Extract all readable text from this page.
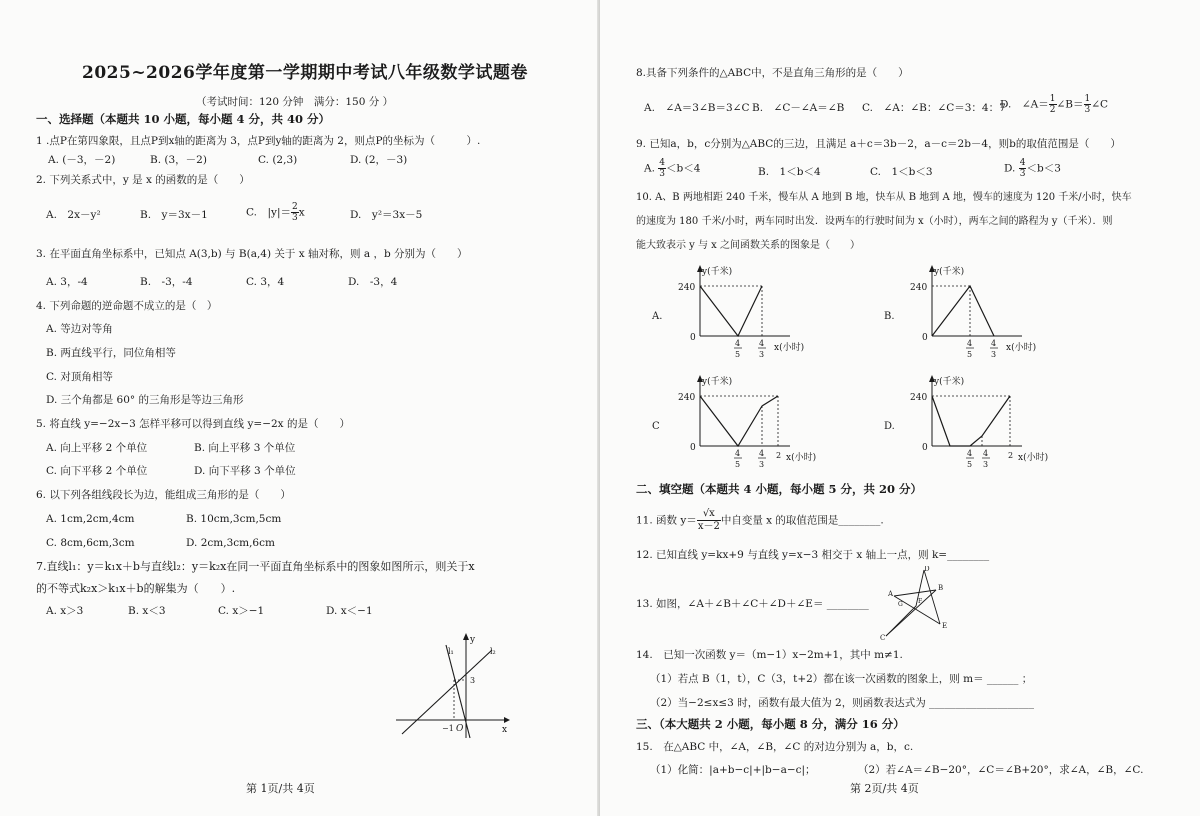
2025~2026学年度第一学期期中考试八年级数学试题卷
（考试时间：120 分钟　满分：150 分 ）
一、选择题（本题共 10 小题，每小题 4 分，共 40 分）
1 .点P在第四象限，且点P到x轴的距离为 3，点P到y轴的距离为 2，则点P的坐标为（　　　）.
A. (－3，－2)	B. (3，－2)	C. (2,3)	D. (2，－3)
2. 下列关系式中，y 是 x 的函数的是（　　）
A.　2x－y²	B.　y＝3x－1	C.　$|y|= \frac{2}{3}$ x	D.　y²＝3x－5
3. 在平面直角坐标系中，已知点 A(3,b) 与 B(a,4) 关于 x 轴对称，则 a ，b 分别为（　　）
A. 3，-4	B.　-3，-4	C. 3，4	D.　-3，4
4. 下列命题的逆命题不成立的是（　）
A. 等边对等角
B. 两直线平行，同位角相等
C. 对顶角相等
D. 三个角都是 60° 的三角形是等边三角形
5. 将直线 y=−2x−3 怎样平移可以得到直线 y=−2x 的是（　　）
A. 向上平移 2 个单位	B. 向上平移 3 个单位
C. 向下平移 2 个单位	D. 向下平移 3 个单位
6. 以下列各组线段长为边，能组成三角形的是（　　）
A. 1cm,2cm,4cm	B. 10cm,3cm,5cm
C. 8cm,6cm,3cm	D. 2cm,3cm,6cm
7.直线l₁：y＝k₁x＋b与直线l₂：y＝k₂x在同一平面直角坐标系中的图象如图所示，则关于x
的不等式k₂x＞k₁x＋b的解集为（　　）.
A. x＞3	B. x＜3	C. x＞−1	D. x＜−1
l₁	l₂
y
x
3
−1 O
第 1页/共 4页
8.具备下列条件的△ABC中，不是直角三角形的是（　　）
A.　∠A＝3∠B＝3∠C B.　∠C－∠A＝∠B C.　∠A：∠B：∠C＝3：4：7
D.　∠A＝ $\frac{1}{2}$ ∠B＝ $\frac{1}{3}$ ∠C
9. 已知a，b，c分别为△ABC的三边，且满足 a＋c＝3b－2，a－c＝2b－4，则b的取值范围是（　　）
A. $\frac{4}{3} <b<4$	B.　1＜b＜4	C.　1＜b＜3	D. $\frac{4}{3} <b<3$
10. A、B 两地相距 240 千米，慢车从 A 地到 B 地，快车从 B 地到 A 地，慢车的速度为 120 千米/小时，快车
的速度为 180 千米/小时，两车同时出发．设两车的行驶时间为 x（小时），两车之间的路程为 y（千米）．则
能大致表示 y 与 x 之间函数关系的图象是（　　）
A.
y(千米)
240
0
4
5
4
3
x(小时)
B.
y(千米)
240
0
4
5
4
3
x(小时)
C
y(千米)
240
0
4
5
4
3
2 x(小时)
D.
y(千米)
240
0
4
5
4
3
2 x(小时)
二、填空题（本题共 4 小题，每小题 5 分，共 20 分）
11. 函数 $y= \frac{√x}{x-2}$ 中自变量 x 的取值范围是________.
12. 已知直线 y=kx+9 与直线 y=x−3 相交于 x 轴上一点，则 k=________
13. 如图，∠A＋∠B＋∠C＋∠D＋∠E＝ ________
A
B
C
D
E
F
G
14.　已知一次函数 y＝（m−1）x−2m+1，其中 m≠1.
（1）若点 B（1，t），C（3，t+2）都在该一次函数的图象上，则 m＝ ______ ；
（2）当−2≤x≤3 时，函数有最大值为 2，则函数表达式为 ____________________
三、（本大题共 2 小题，每小题 8 分，满分 16 分）
15.　在△ABC 中，∠A，∠B，∠C 的对边分别为 a，b，c.
（1）化简：|a+b−c|+|b−a−c|；	（2）若∠A＝∠B−20°，∠C＝∠B+20°，求∠A，∠B，∠C.
第 2页/共 4页
